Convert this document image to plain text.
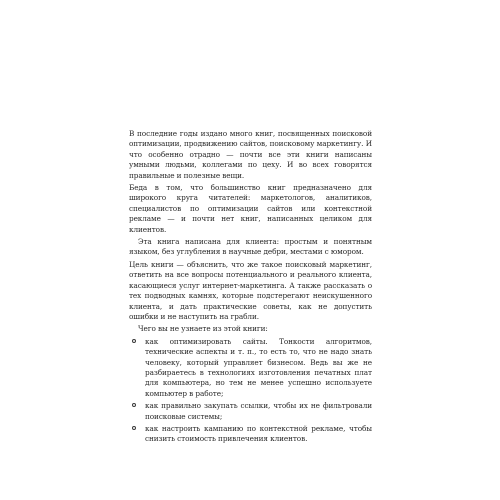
В последние годы издано много книг, посвященных поисковой оптимизации, продвижению сайтов, поисковому маркетингу. И что особенно отрадно — почти все эти книги написаны умными людьми, коллегами по цеху. И во всех говорятся правильные и полезные вещи.

Беда в том, что большинство книг предназначено для широкого круга читателей: маркетологов, аналитиков, специалистов по оптимизации сайтов или контекстной рекламе — и почти нет книг, написанных целиком для клиентов.

Эта книга написана для клиента: простым и понятным языком, без углубления в научные дебри, местами с юмором.

Цель книги — объяснить, что же такое поисковый маркетинг, ответить на все вопросы потенциального и реального клиента, касающиеся услуг интернет-маркетинга. А также рассказать о тех подводных камнях, которые подстерегают неискушенного клиента, и дать практические советы, как не допустить ошибки и не наступить на грабли.

Чего вы не узнаете из этой книги:

как оптимизировать сайты. Тонкости алгоритмов, технические аспекты и т. п., то есть то, что не надо знать человеку, который управляет бизнесом. Ведь вы же не разбираетесь в технологиях изготовления печатных плат для компьютера, но тем не менее успешно используете компьютер в работе;
как правильно закупать ссылки, чтобы их не фильтровали поисковые системы;
как настроить кампанию по контекстной рекламе, чтобы снизить стоимость привлечения клиентов.
